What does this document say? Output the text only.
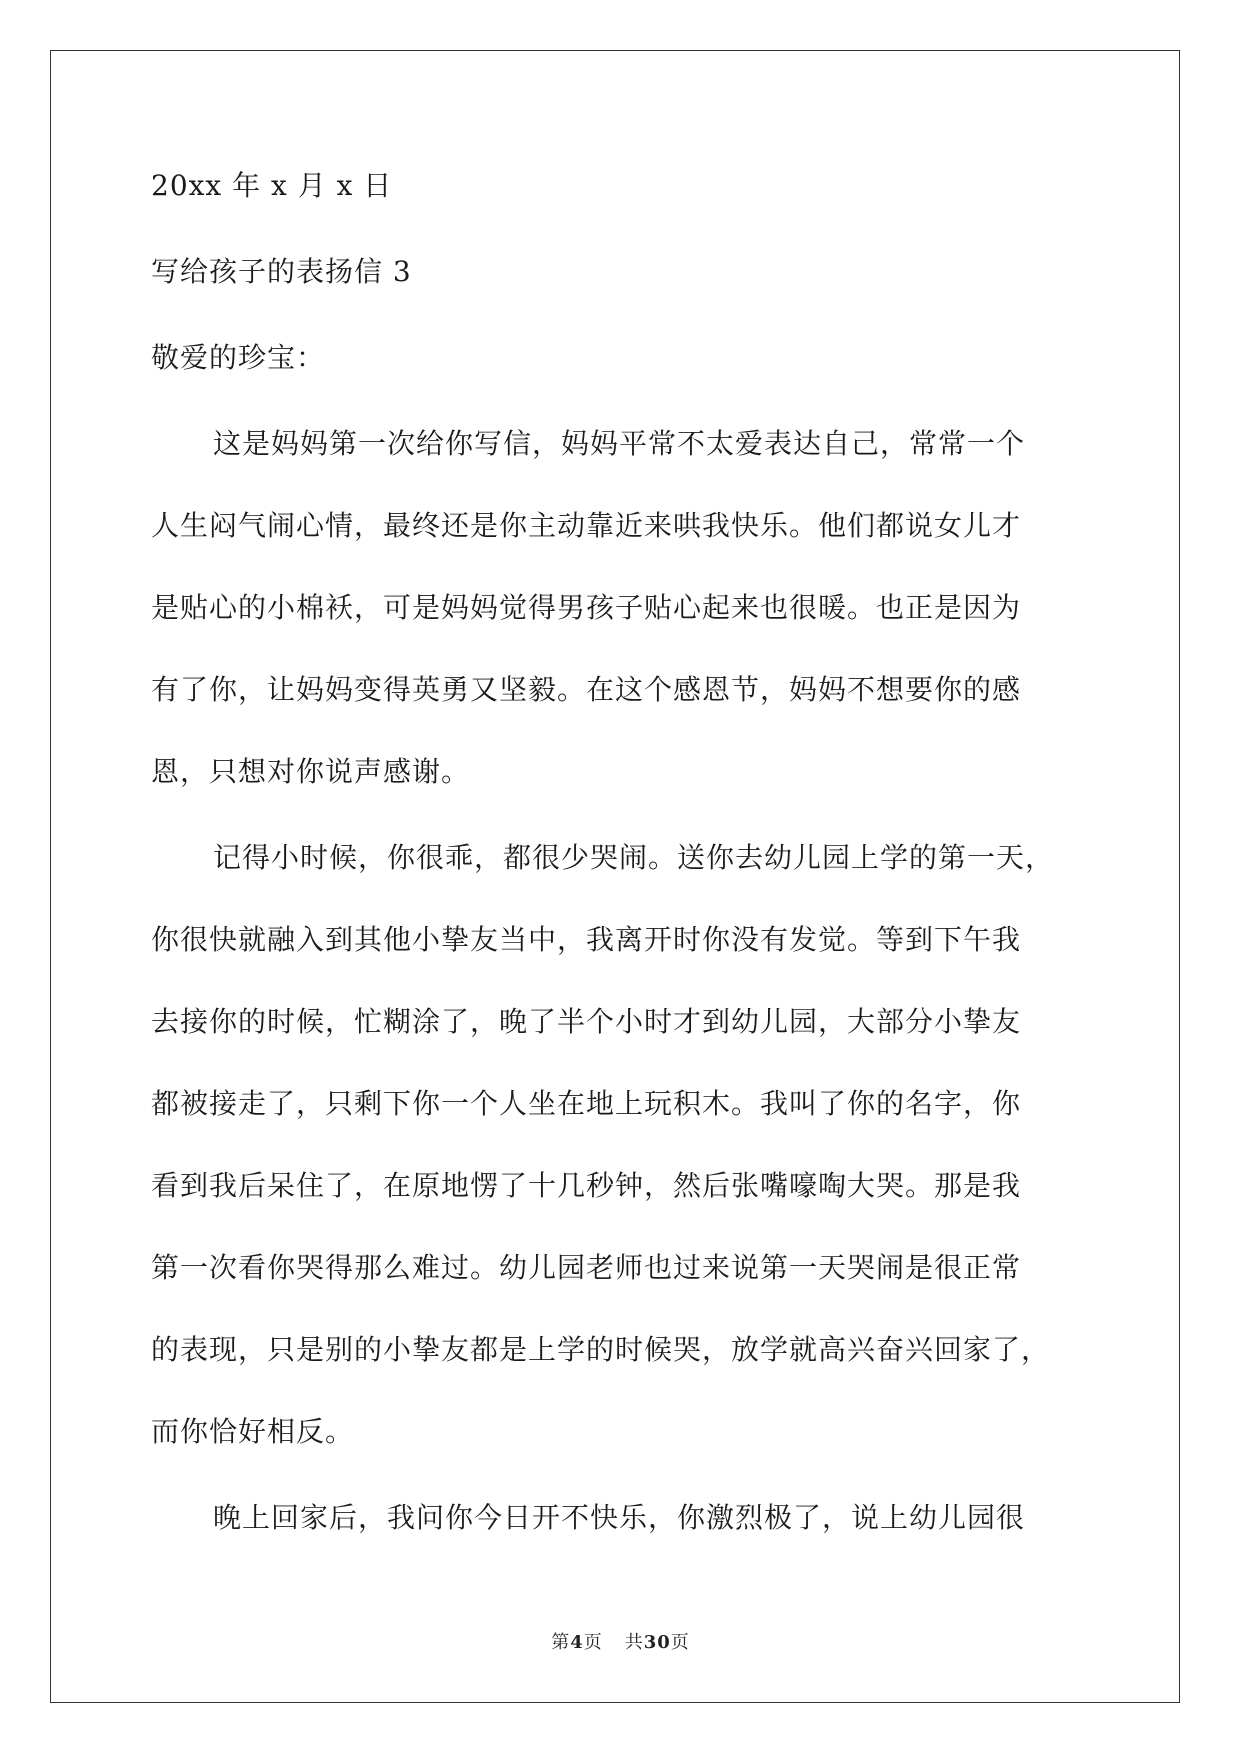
20xx 年 x 月 x 日

写给孩子的表扬信 3

敬爱的珍宝：

这是妈妈第一次给你写信，妈妈平常不太爱表达自己，常常一个

人生闷气闹心情，最终还是你主动靠近来哄我快乐。他们都说女儿才

是贴心的小棉袄，可是妈妈觉得男孩子贴心起来也很暖。也正是因为

有了你，让妈妈变得英勇又坚毅。在这个感恩节，妈妈不想要你的感

恩，只想对你说声感谢。

记得小时候，你很乖，都很少哭闹。送你去幼儿园上学的第一天，

你很快就融入到其他小挚友当中，我离开时你没有发觉。等到下午我

去接你的时候，忙糊涂了，晚了半个小时才到幼儿园，大部分小挚友

都被接走了，只剩下你一个人坐在地上玩积木。我叫了你的名字，你

看到我后呆住了，在原地愣了十几秒钟，然后张嘴嚎啕大哭。那是我

第一次看你哭得那么难过。幼儿园老师也过来说第一天哭闹是很正常

的表现，只是别的小挚友都是上学的时候哭，放学就高兴奋兴回家了，

而你恰好相反。

晚上回家后，我问你今日开不快乐，你激烈极了，说上幼儿园很

第4页 共30页
